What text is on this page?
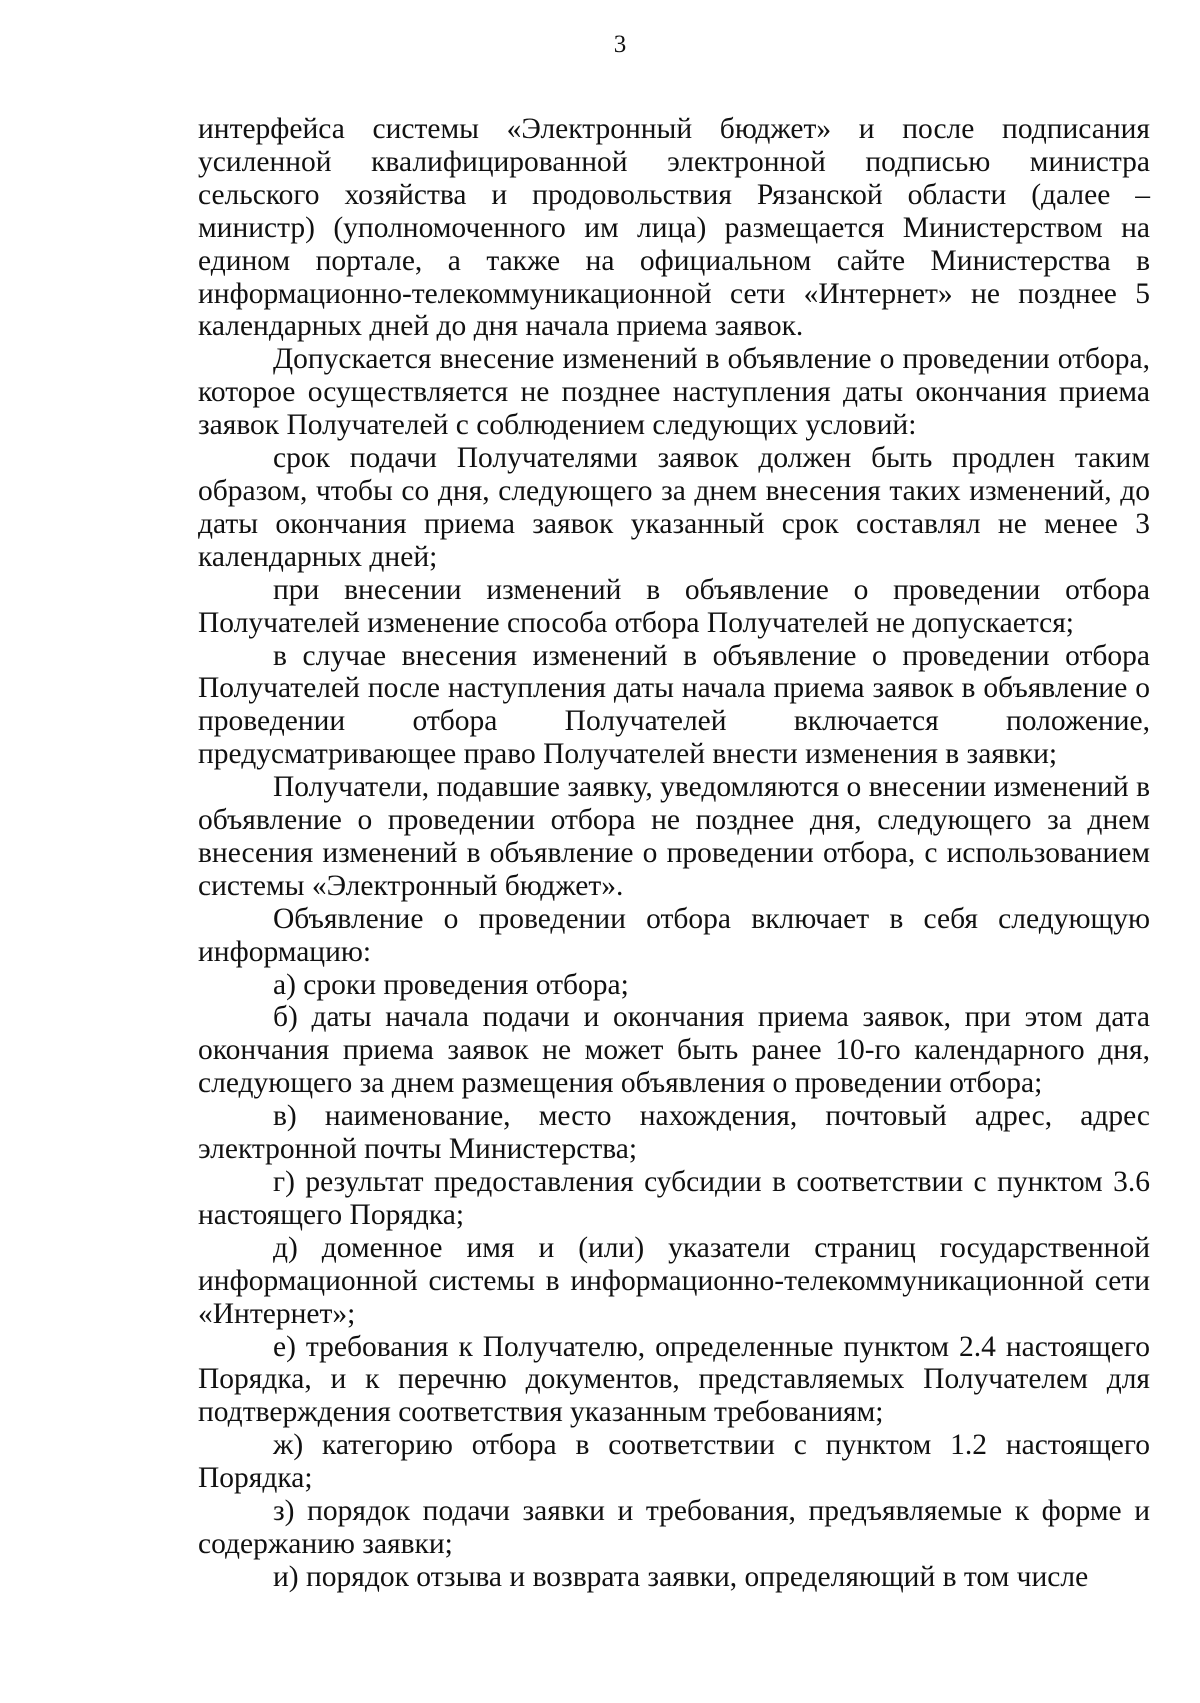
3

интерфейса системы «Электронный бюджет» и после подписания усиленной квалифицированной электронной подписью министра сельского хозяйства и продовольствия Рязанской области (далее – министр) (уполномоченного им лица) размещается Министерством на едином портале, а также на официальном сайте Министерства в информационно-телекоммуникационной сети «Интернет» не позднее 5 календарных дней до дня начала приема заявок.

Допускается внесение изменений в объявление о проведении отбора, которое осуществляется не позднее наступления даты окончания приема заявок Получателей с соблюдением следующих условий:

срок подачи Получателями заявок должен быть продлен таким образом, чтобы со дня, следующего за днем внесения таких изменений, до даты окончания приема заявок указанный срок составлял не менее 3 календарных дней;

при внесении изменений в объявление о проведении отбора Получателей изменение способа отбора Получателей не допускается;

в случае внесения изменений в объявление о проведении отбора Получателей после наступления даты начала приема заявок в объявление о проведении отбора Получателей включается положение, предусматривающее право Получателей внести изменения в заявки;

Получатели, подавшие заявку, уведомляются о внесении изменений в объявление о проведении отбора не позднее дня, следующего за днем внесения изменений в объявление о проведении отбора, с использованием системы «Электронный бюджет».

Объявление о проведении отбора включает в себя следующую информацию:

а) сроки проведения отбора;

б) даты начала подачи и окончания приема заявок, при этом дата окончания приема заявок не может быть ранее 10-го календарного дня, следующего за днем размещения объявления о проведении отбора;

в) наименование, место нахождения, почтовый адрес, адрес электронной почты Министерства;

г) результат предоставления субсидии в соответствии с пунктом 3.6 настоящего Порядка;

д) доменное имя и (или) указатели страниц государственной информационной системы в информационно-телекоммуникационной сети «Интернет»;

е) требования к Получателю, определенные пунктом 2.4 настоящего Порядка, и к перечню документов, представляемых Получателем для подтверждения соответствия указанным требованиям;

ж) категорию отбора в соответствии с пунктом 1.2 настоящего Порядка;

з) порядок подачи заявки и требования, предъявляемые к форме и содержанию заявки;

и) порядок отзыва и возврата заявки, определяющий в том числе
